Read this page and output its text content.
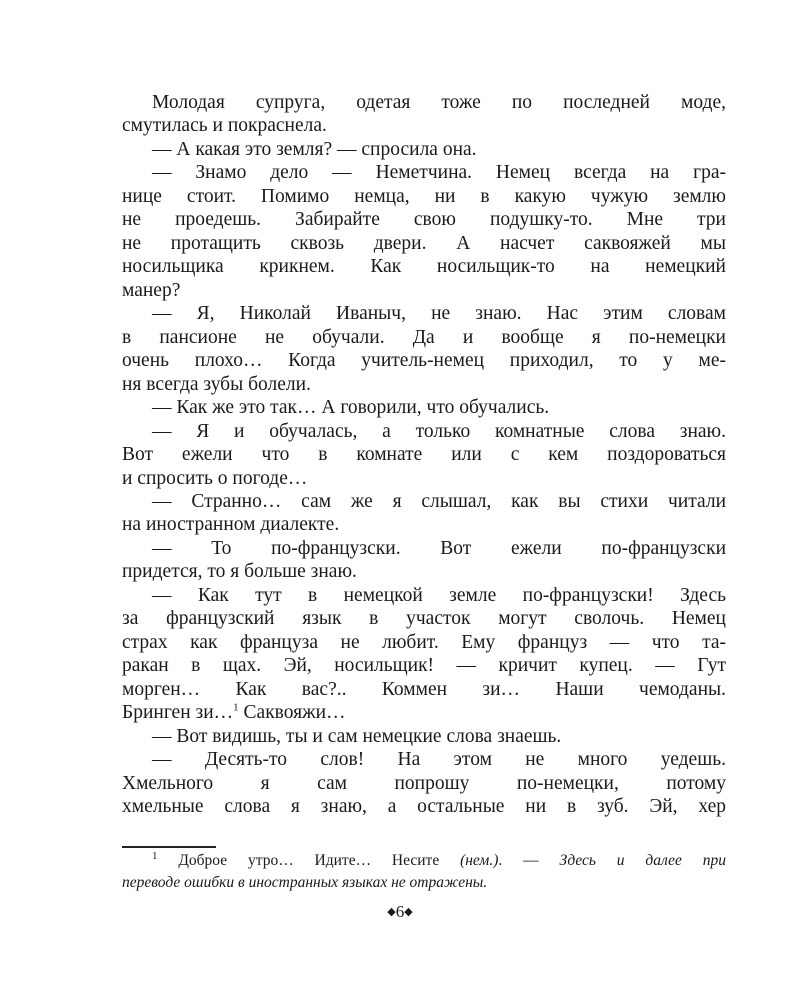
Молодая супруга, одетая тоже по последней моде,
смутилась и покраснела.
— А какая это земля? — спросила она.
— Знамо дело — Неметчина. Немец всегда на гра-
нице стоит. Помимо немца, ни в какую чужую землю
не проедешь. Забирайте свою подушку-то. Мне три
не протащить сквозь двери. А насчет саквояжей мы
носильщика крикнем. Как носильщик-то на немецкий
манер?
— Я, Николай Иваныч, не знаю. Нас этим словам
в пансионе не обучали. Да и вообще я по-немецки
очень плохо… Когда учитель-немец приходил, то у ме-
ня всегда зубы болели.
— Как же это так… А говорили, что обучались.
— Я и обучалась, а только комнатные слова знаю.
Вот ежели что в комнате или с кем поздороваться
и спросить о погоде…
— Странно… сам же я слышал, как вы стихи читали
на иностранном диалекте.
— То по-французски. Вот ежели по-французски
придется, то я больше знаю.
— Как тут в немецкой земле по-французски! Здесь
за французский язык в участок могут сволочь. Немец
страх как француза не любит. Ему француз — что та-
ракан в щах. Эй, носильщик! — кричит купец. — Гут
морген… Как вас?.. Коммен зи… Наши чемоданы.
Бринген зи…$^1$ Саквояжи…
— Вот видишь, ты и сам немецкие слова знаешь.
— Десять-то слов! На этом не много уедешь.
Хмельного я сам попрошу по-немецки, потому
хмельные слова я знаю, а остальные ни в зуб. Эй, хер
$^1$ Доброе утро… Идите… Несите (нем.). — Здесь и далее при
переводе ошибки в иностранных языках не отражены.
◆6◆
